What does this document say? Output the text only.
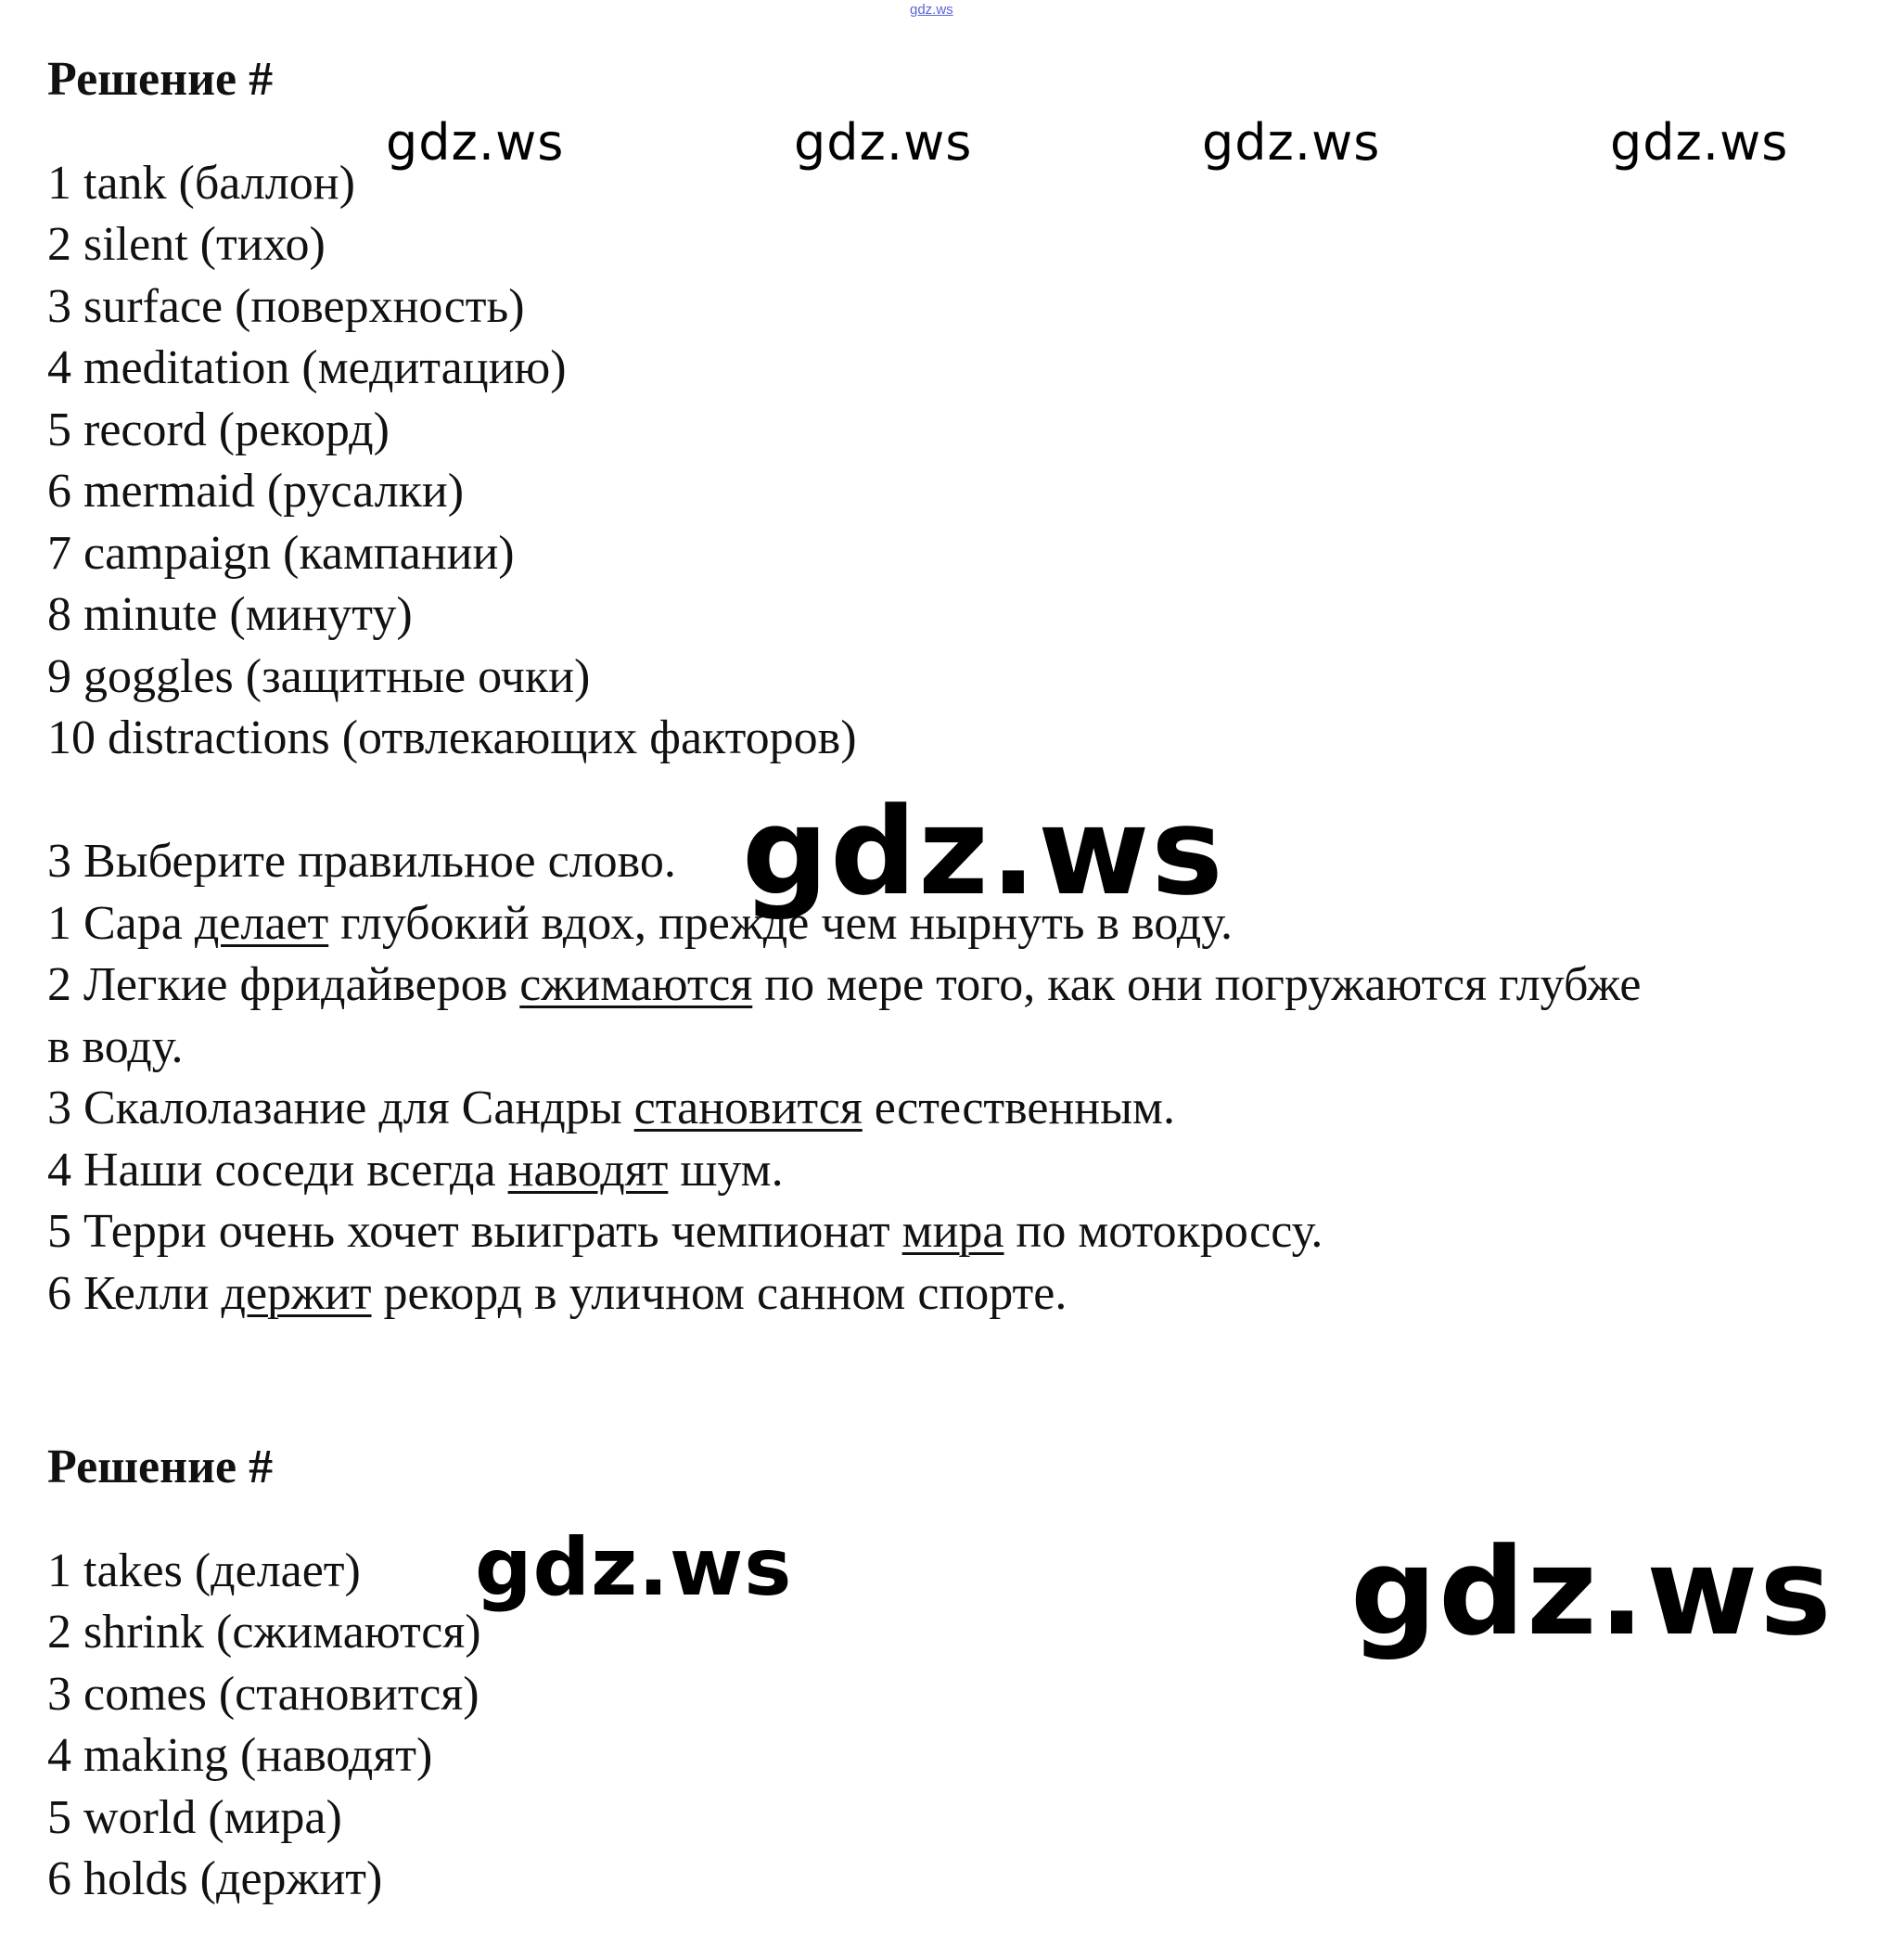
gdz.ws
Решение #
1 tank (баллон)
2 silent (тихо)
3 surface (поверхность)
4 meditation (медитацию)
5 record (рекорд)
6 mermaid (русалки)
7 campaign (кампании)
8 minute (минуту)
9 goggles (защитные очки)
10 distractions (отвлекающих факторов)
3 Выберите правильное слово.
1 Сара делает глубокий вдох, прежде чем нырнуть в воду.
2 Легкие фридайверов сжимаются по мере того, как они погружаются глубже
в воду.
3 Скалолазание для Сандры становится естественным.
4 Наши соседи всегда наводят шум.
5 Терри очень хочет выиграть чемпионат мира по мотокроссу.
6 Келли держит рекорд в уличном санном спорте.
Решение #
1 takes (делает)
2 shrink (сжимаются)
3 comes (становится)
4 making (наводят)
5 world (мира)
6 holds (держит)
gdz.ws	gdz.ws	gdz.ws	gdz.ws
gdz.ws
gdz.ws	gdz.ws
